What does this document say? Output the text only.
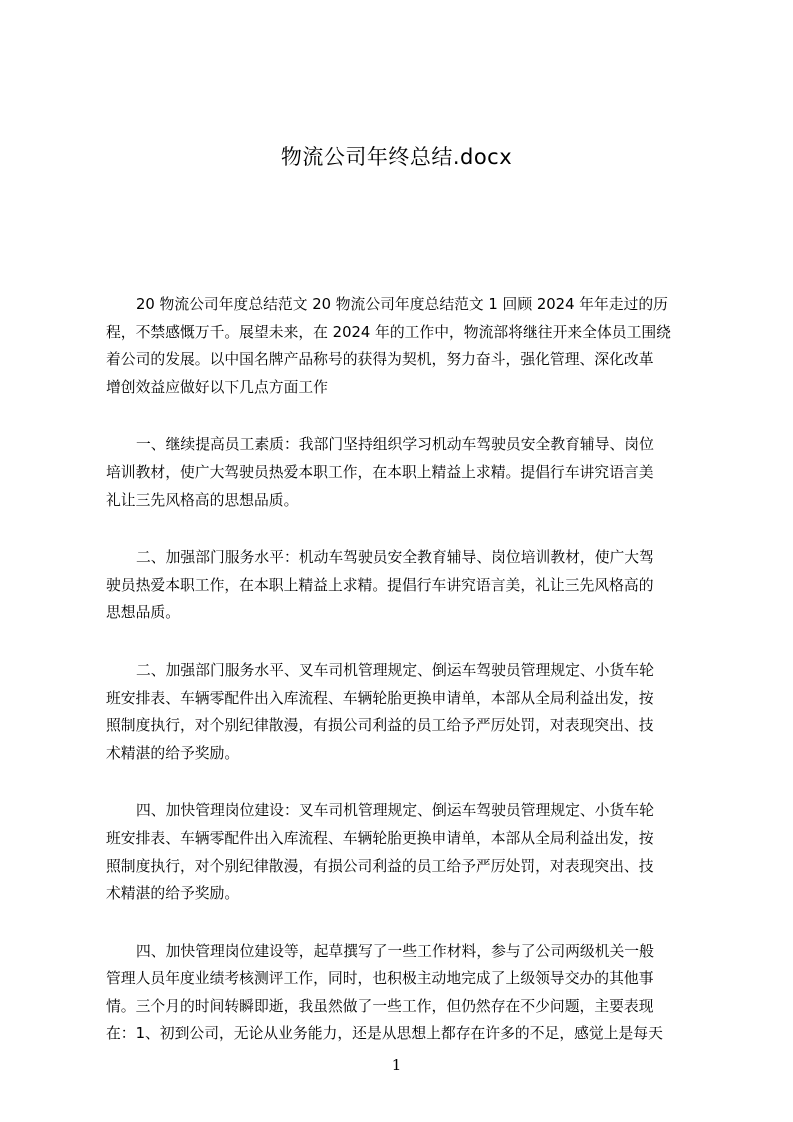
物流公司年终总结.docx
20 物流公司年度总结范文 20 物流公司年度总结范文 1 回顾 2024 年年走过的历
程，不禁感慨万千。展望未来，在 2024 年的工作中，物流部将继往开来全体员工围绕
着公司的发展。以中国名牌产品称号的获得为契机，努力奋斗，强化管理、深化改革
增创效益应做好以下几点方面工作
一、继续提高员工素质：我部门坚持组织学习机动车驾驶员安全教育辅导、岗位
培训教材，使广大驾驶员热爱本职工作，在本职上精益上求精。提倡行车讲究语言美
礼让三先风格高的思想品质。
二、加强部门服务水平：机动车驾驶员安全教育辅导、岗位培训教材，使广大驾
驶员热爱本职工作，在本职上精益上求精。提倡行车讲究语言美，礼让三先风格高的
思想品质。
二、加强部门服务水平、叉车司机管理规定、倒运车驾驶员管理规定、小货车轮
班安排表、车辆零配件出入库流程、车辆轮胎更换申请单，本部从全局利益出发，按
照制度执行，对个别纪律散漫，有损公司利益的员工给予严厉处罚，对表现突出、技
术精湛的给予奖励。
四、加快管理岗位建设：叉车司机管理规定、倒运车驾驶员管理规定、小货车轮
班安排表、车辆零配件出入库流程、车辆轮胎更换申请单，本部从全局利益出发，按
照制度执行，对个别纪律散漫，有损公司利益的员工给予严厉处罚，对表现突出、技
术精湛的给予奖励。
四、加快管理岗位建设等，起草撰写了一些工作材料，参与了公司两级机关一般
管理人员年度业绩考核测评工作，同时，也积极主动地完成了上级领导交办的其他事
情。三个月的时间转瞬即逝，我虽然做了一些工作，但仍然存在不少问题，主要表现
在：1、初到公司，无论从业务能力，还是从思想上都存在许多的不足，感觉上是每天
1
